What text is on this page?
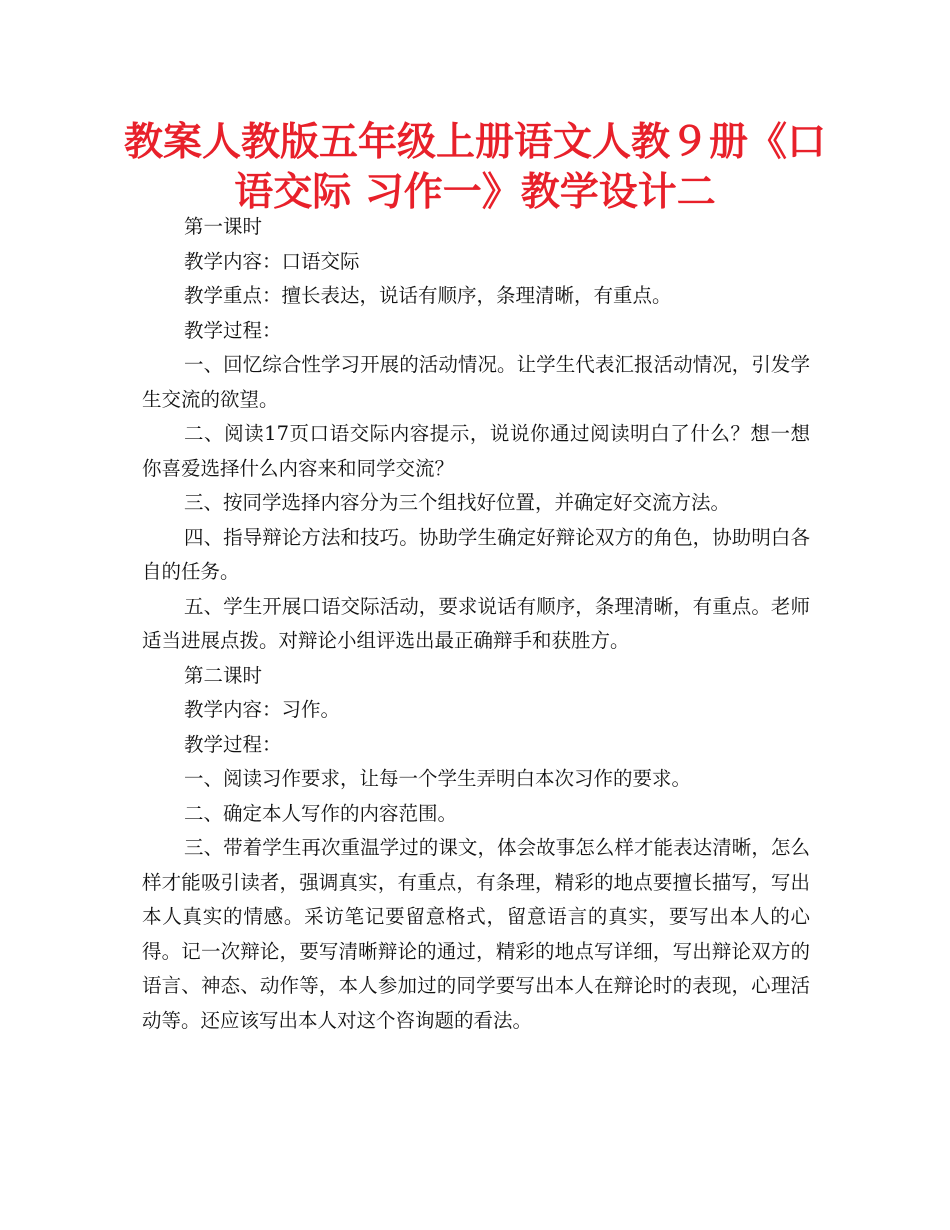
教案人教版五年级上册语文人教９册《口语交际 习作一》教学设计二

第一课时

教学内容：口语交际

教学重点：擅长表达，说话有顺序，条理清晰，有重点。

教学过程：

一、回忆综合性学习开展的活动情况。让学生代表汇报活动情况，引发学生交流的欲望。

二、阅读17页口语交际内容提示，说说你通过阅读明白了什么？想一想你喜爱选择什么内容来和同学交流？

三、按同学选择内容分为三个组找好位置，并确定好交流方法。

四、指导辩论方法和技巧。协助学生确定好辩论双方的角色，协助明白各自的任务。

五、学生开展口语交际活动，要求说话有顺序，条理清晰，有重点。老师适当进展点拨。对辩论小组评选出最正确辩手和获胜方。

第二课时

教学内容：习作。

教学过程：

一、阅读习作要求，让每一个学生弄明白本次习作的要求。

二、确定本人写作的内容范围。

三、带着学生再次重温学过的课文，体会故事怎么样才能表达清晰，怎么样才能吸引读者，强调真实，有重点，有条理，精彩的地点要擅长描写，写出本人真实的情感。采访笔记要留意格式，留意语言的真实，要写出本人的心得。记一次辩论，要写清晰辩论的通过，精彩的地点写详细，写出辩论双方的语言、神态、动作等，本人参加过的同学要写出本人在辩论时的表现，心理活动等。还应该写出本人对这个咨询题的看法。
